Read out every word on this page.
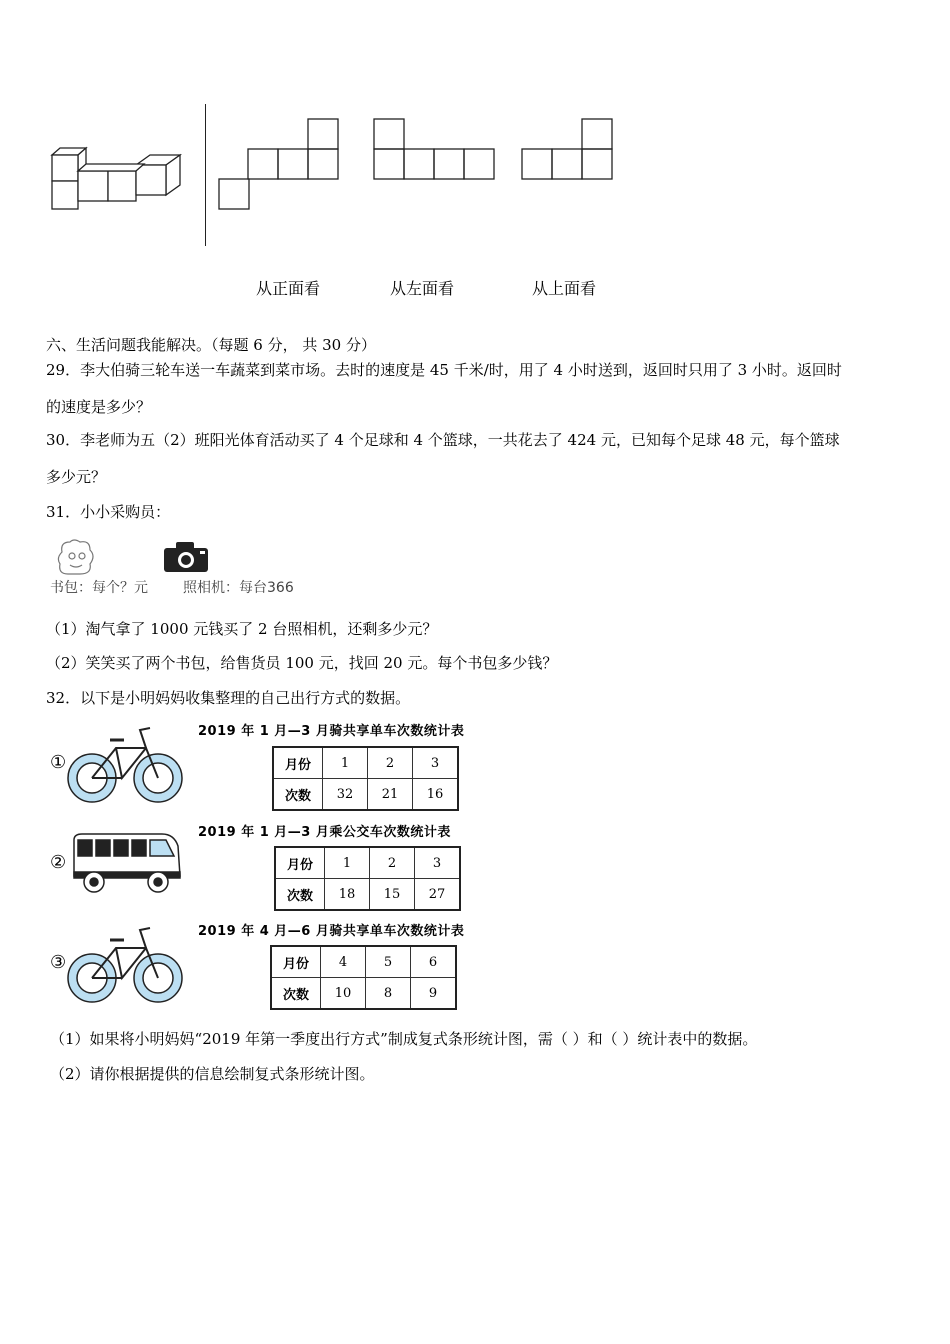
从正面看	从左面看	从上面看
六、生活问题我能解决。（每题 6 分， 共 30 分）
29．李大伯骑三轮车送一车蔬菜到菜市场。去时的速度是 45 千米/时，用了 4 小时送到，返回时只用了 3 小时。返回时
的速度是多少？
30．李老师为五（2）班阳光体育活动买了 4 个足球和 4 个篮球，一共花去了 424 元，已知每个足球 48 元，每个篮球
多少元？
31．小小采购员：
书包：每个？元	照相机：每台366
（1）淘气拿了 1000 元钱买了 2 台照相机，还剩多少元？
（2）笑笑买了两个书包，给售货员 100 元，找回 20 元。每个书包多少钱？
32．以下是小明妈妈收集整理的自己出行方式的数据。
①
2019 年 1 月—3 月骑共享单车次数统计表
月份	1	2	3
次数	32	21	16
②
2019 年 1 月—3 月乘公交车次数统计表
月份	1	2	3
次数	18	15	27
③
2019 年 4 月—6 月骑共享单车次数统计表
月份	4	5	6
次数	10	8	9
（1）如果将小明妈妈“2019 年第一季度出行方式”制成复式条形统计图，需（ ）和（ ）统计表中的数据。
（2）请你根据提供的信息绘制复式条形统计图。
